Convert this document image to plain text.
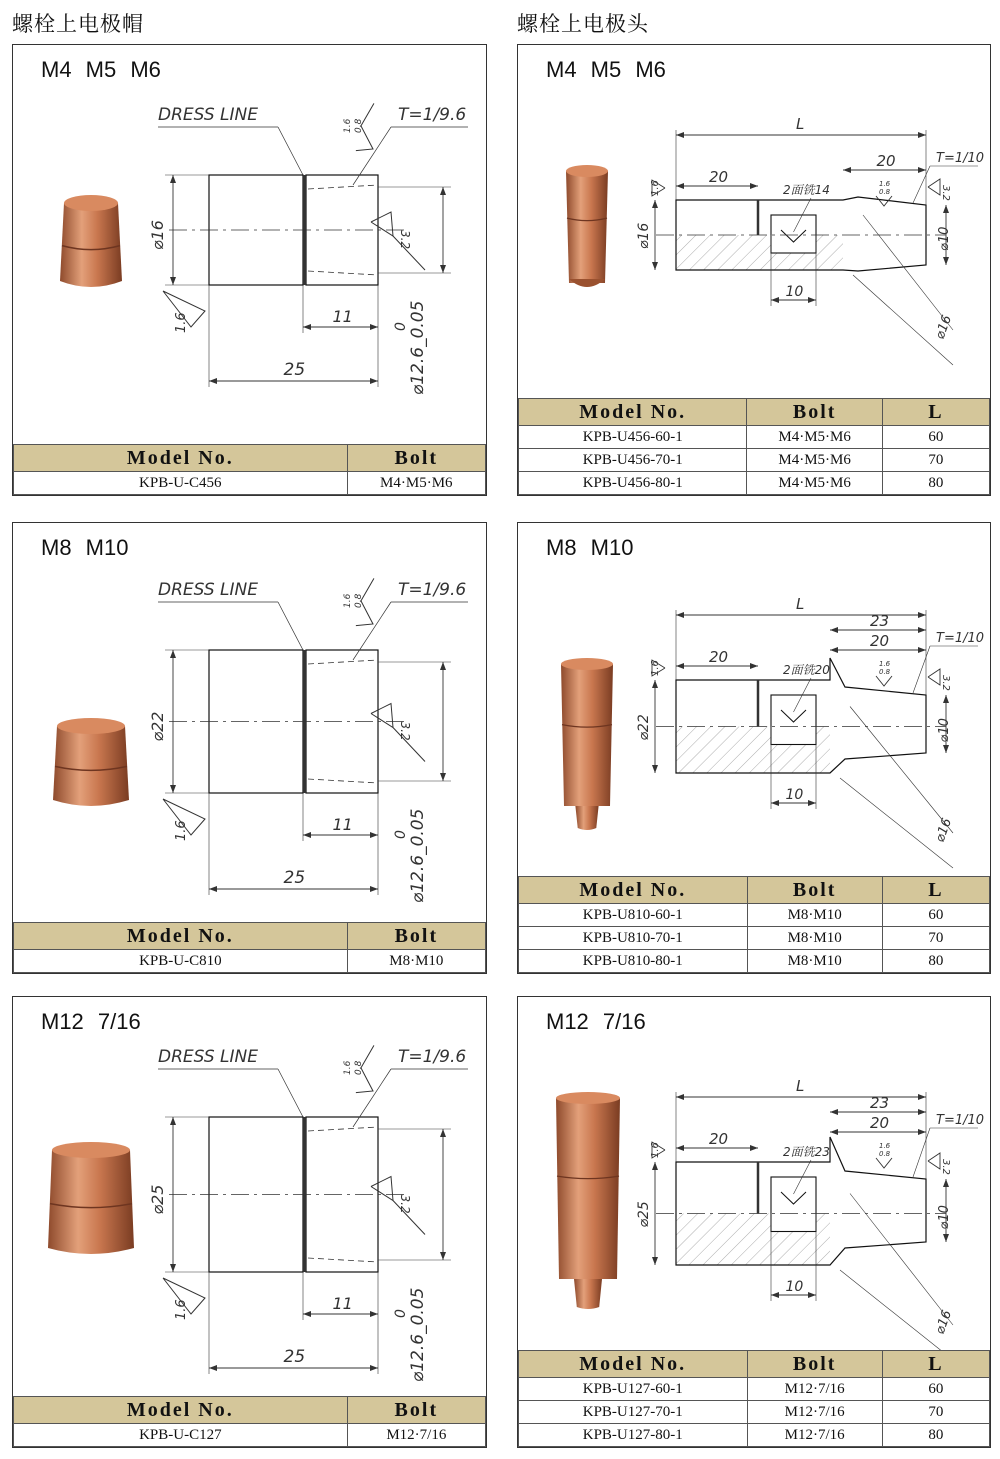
螺栓上电极帽	螺栓上电极头
M4 M5 M6
⌀16
11
25	⌀12.6_0.05
0
DRESS LINE	T=1/9.6
1.6 0.8
1.6
3.2
Model No.	Bolt
KPB-U-C456	M4·M5·M6
M8 M10
⌀22
11
25	⌀12.6_0.05
0
DRESS LINE	T=1/9.6
1.6 0.8
1.6
3.2
Model No.	Bolt
KPB-U-C810	M8·M10
M12 7/16
⌀25
11
25	⌀12.6_0.05
0
DRESS LINE	T=1/9.6
1.6 0.8
1.6
3.2
Model No.	Bolt
KPB-U-C127	M12·7/16
M4 M5 M6
L
20
20
10
2面铣14
⌀16	⌀10
⌀16
T=1/10
3.2
1.6	1.6
0.8
Model No.	Bolt	L
KPB-U456-60-1	M4·M5·M6	60
KPB-U456-70-1	M4·M5·M6	70
KPB-U456-80-1	M4·M5·M6	80
M8 M10
L
20
20
23
10
2面铣20
⌀22	⌀10
⌀16
T=1/10
3.2
1.6	1.6
0.8
Model No.	Bolt	L
KPB-U810-60-1	M8·M10	60
KPB-U810-70-1	M8·M10	70
KPB-U810-80-1	M8·M10	80
M12 7/16
L
20
20
23
10
2面铣23
⌀25	⌀10
⌀16
T=1/10
3.2
1.6	1.6
0.8
Model No.	Bolt	L
KPB-U127-60-1	M12·7/16	60
KPB-U127-70-1	M12·7/16	70
KPB-U127-80-1	M12·7/16	80
